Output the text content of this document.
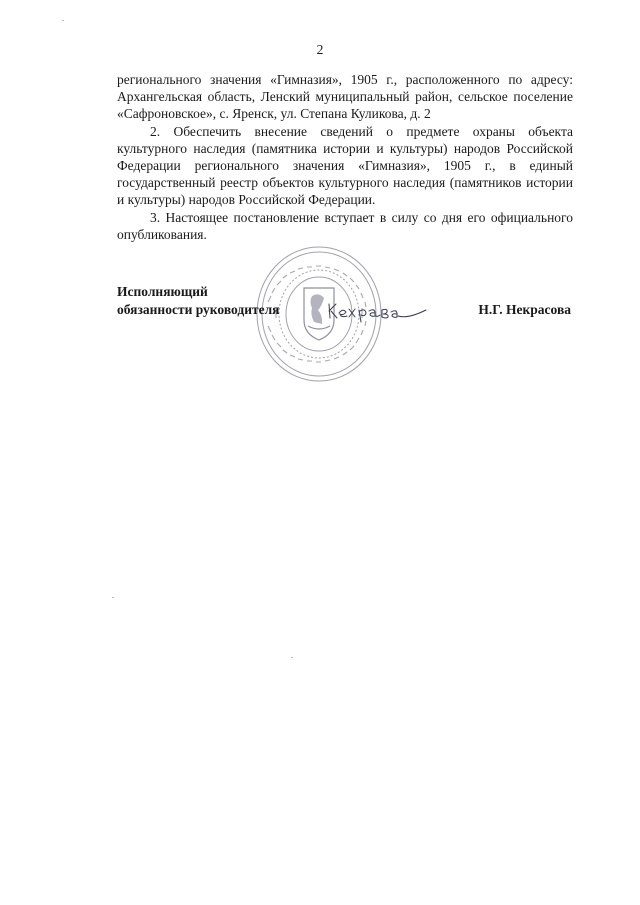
2

регионального значения «Гимназия», 1905 г., расположенного по адресу: Архангельская область, Ленский муниципальный район, сельское поселение «Сафроновское», с. Яренск, ул. Степана Куликова, д. 2

2. Обеспечить внесение сведений о предмете охраны объекта культурного наследия (памятника истории и культуры) народов Российской Федерации регионального значения «Гимназия», 1905 г., в единый государственный реестр объектов культурного наследия (памятников истории и культуры) народов Российской Федерации.

3. Настоящее постановление вступает в силу со дня его официального опубликования.

Исполняющий
обязанности руководителя	Н.Г. Некрасова
